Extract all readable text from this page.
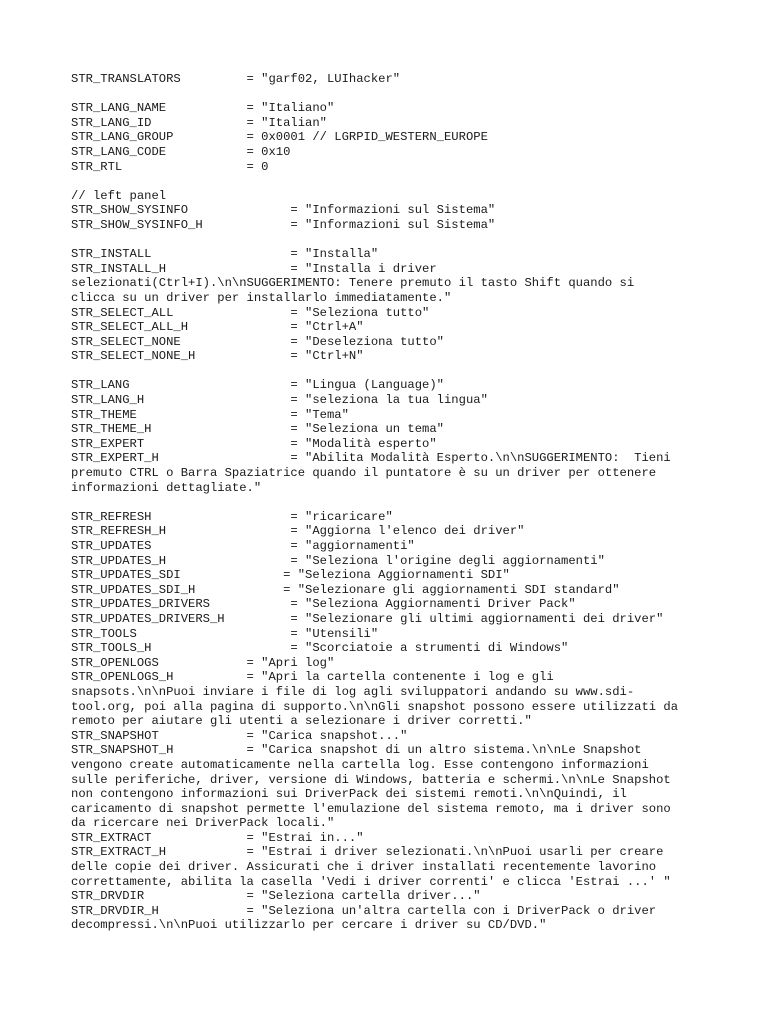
STR_TRANSLATORS         = "garf02, LUIhacker"
STR_LANG_NAME           = "Italiano"
STR_LANG_ID             = "Italian"
STR_LANG_GROUP          = 0x0001 // LGRPID_WESTERN_EUROPE
STR_LANG_CODE           = 0x10
STR_RTL                 = 0
// left panel
STR_SHOW_SYSINFO              = "Informazioni sul Sistema"
STR_SHOW_SYSINFO_H            = "Informazioni sul Sistema"
STR_INSTALL                   = "Installa"
STR_INSTALL_H                 = "Installa i driver
selezionati(Ctrl+I).\n\nSUGGERIMENTO: Tenere premuto il tasto Shift quando si
clicca su un driver per installarlo immediatamente."
STR_SELECT_ALL                = "Seleziona tutto"
STR_SELECT_ALL_H              = "Ctrl+A"
STR_SELECT_NONE               = "Deseleziona tutto"
STR_SELECT_NONE_H             = "Ctrl+N"
STR_LANG                      = "Lingua (Language)"
STR_LANG_H                    = "seleziona la tua lingua"
STR_THEME                     = "Tema"
STR_THEME_H                   = "Seleziona un tema"
STR_EXPERT                    = "Modalità esperto"
STR_EXPERT_H                  = "Abilita Modalità Esperto.\n\nSUGGERIMENTO:  Tieni
premuto CTRL o Barra Spaziatrice quando il puntatore è su un driver per ottenere
informazioni dettagliate."
STR_REFRESH                   = "ricaricare"
STR_REFRESH_H                 = "Aggiorna l'elenco dei driver"
STR_UPDATES                   = "aggiornamenti"
STR_UPDATES_H                 = "Seleziona l'origine degli aggiornamenti"
STR_UPDATES_SDI              = "Seleziona Aggiornamenti SDI"
STR_UPDATES_SDI_H            = "Selezionare gli aggiornamenti SDI standard"
STR_UPDATES_DRIVERS           = "Seleziona Aggiornamenti Driver Pack"
STR_UPDATES_DRIVERS_H         = "Selezionare gli ultimi aggiornamenti dei driver"
STR_TOOLS                     = "Utensili"
STR_TOOLS_H                   = "Scorciatoie a strumenti di Windows"
STR_OPENLOGS            = "Apri log"
STR_OPENLOGS_H          = "Apri la cartella contenente i log e gli
snapsots.\n\nPuoi inviare i file di log agli sviluppatori andando su www.sdi-
tool.org, poi alla pagina di supporto.\n\nGli snapshot possono essere utilizzati da
remoto per aiutare gli utenti a selezionare i driver corretti."
STR_SNAPSHOT            = "Carica snapshot..."
STR_SNAPSHOT_H          = "Carica snapshot di un altro sistema.\n\nLe Snapshot
vengono create automaticamente nella cartella log. Esse contengono informazioni
sulle periferiche, driver, versione di Windows, batteria e schermi.\n\nLe Snapshot
non contengono informazioni sui DriverPack dei sistemi remoti.\n\nQuindi, il
caricamento di snapshot permette l'emulazione del sistema remoto, ma i driver sono
da ricercare nei DriverPack locali."
STR_EXTRACT             = "Estrai in..."
STR_EXTRACT_H           = "Estrai i driver selezionati.\n\nPuoi usarli per creare
delle copie dei driver. Assicurati che i driver installati recentemente lavorino
correttamente, abilita la casella 'Vedi i driver correnti' e clicca 'Estrai ...' "
STR_DRVDIR              = "Seleziona cartella driver..."
STR_DRVDIR_H            = "Seleziona un'altra cartella con i DriverPack o driver
decompressi.\n\nPuoi utilizzarlo per cercare i driver su CD/DVD."
